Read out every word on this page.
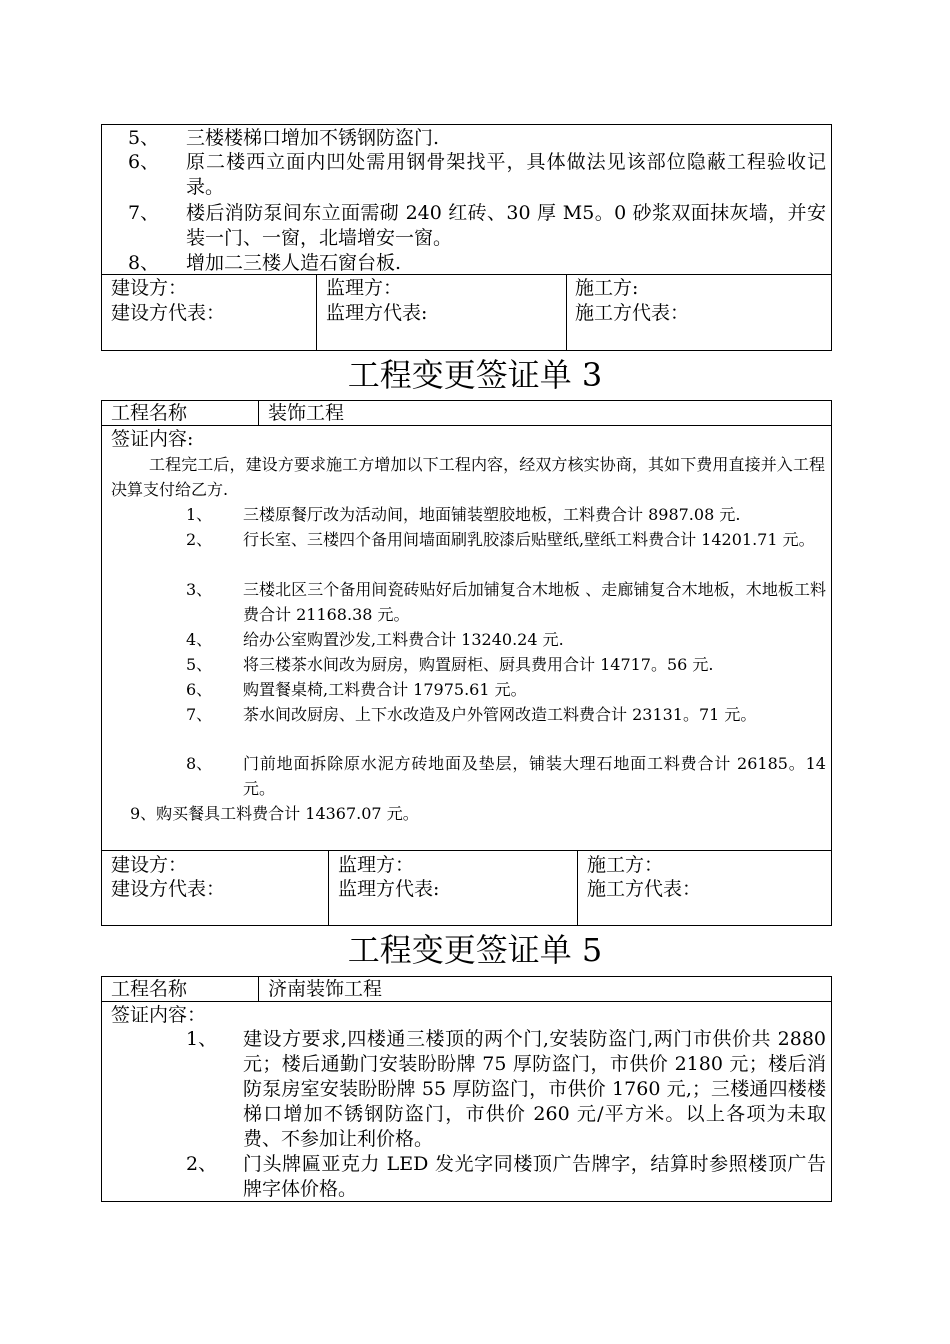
5、 三楼楼梯口增加不锈钢防盗门.
6、 原二楼西立面内凹处需用钢骨架找平，具体做法见该部位隐蔽工程验收记录。
7、 楼后消防泵间东立面需砌 240 红砖、30 厚 M5。0 砂浆双面抹灰墙，并安装一门、一窗，北墙增安一窗。
8、 增加二三楼人造石窗台板.
建设方：
建设方代表：
监理方：
监理方代表:
施工方:
施工方代表：
工程变更签证单 3
工程名称	装饰工程
签证内容:
工程完工后，建设方要求施工方增加以下工程内容，经双方核实协商，其如下费用直接并入工程决算支付给乙方.
1、 三楼原餐厅改为活动间，地面铺装塑胶地板，工料费合计 8987.08 元.
2、 行长室、三楼四个备用间墙面刷乳胶漆后贴壁纸,壁纸工料费合计 14201.71 元。
3、 三楼北区三个备用间瓷砖贴好后加铺复合木地板 、走廊铺复合木地板，木地板工料费合计 21168.38 元。
4、 给办公室购置沙发,工料费合计 13240.24 元.
5、 将三楼茶水间改为厨房，购置厨柜、厨具费用合计 14717。56 元.
6、 购置餐桌椅,工料费合计 17975.61 元。
7、 茶水间改厨房、上下水改造及户外管网改造工料费合计 23131。71 元。
8、 门前地面拆除原水泥方砖地面及垫层，铺装大理石地面工料费合计 26185。14 元。
9、购买餐具工料费合计 14367.07 元。
建设方：
建设方代表：
监理方：
监理方代表:
施工方：
施工方代表：
工程变更签证单 5
工程名称	济南装饰工程
签证内容：
1、 建设方要求,四楼通三楼顶的两个门,安装防盗门,两门市供价共 2880 元；楼后通勤门安装盼盼牌 75 厚防盗门，市供价 2180 元；楼后消防泵房室安装盼盼牌 55 厚防盗门，市供价 1760 元,；三楼通四楼楼梯口增加不锈钢防盗门，市供价 260 元/平方米。以上各项为未取费、不参加让利价格。
2、 门头牌匾亚克力 LED 发光字同楼顶广告牌字，结算时参照楼顶广告牌字体价格。
